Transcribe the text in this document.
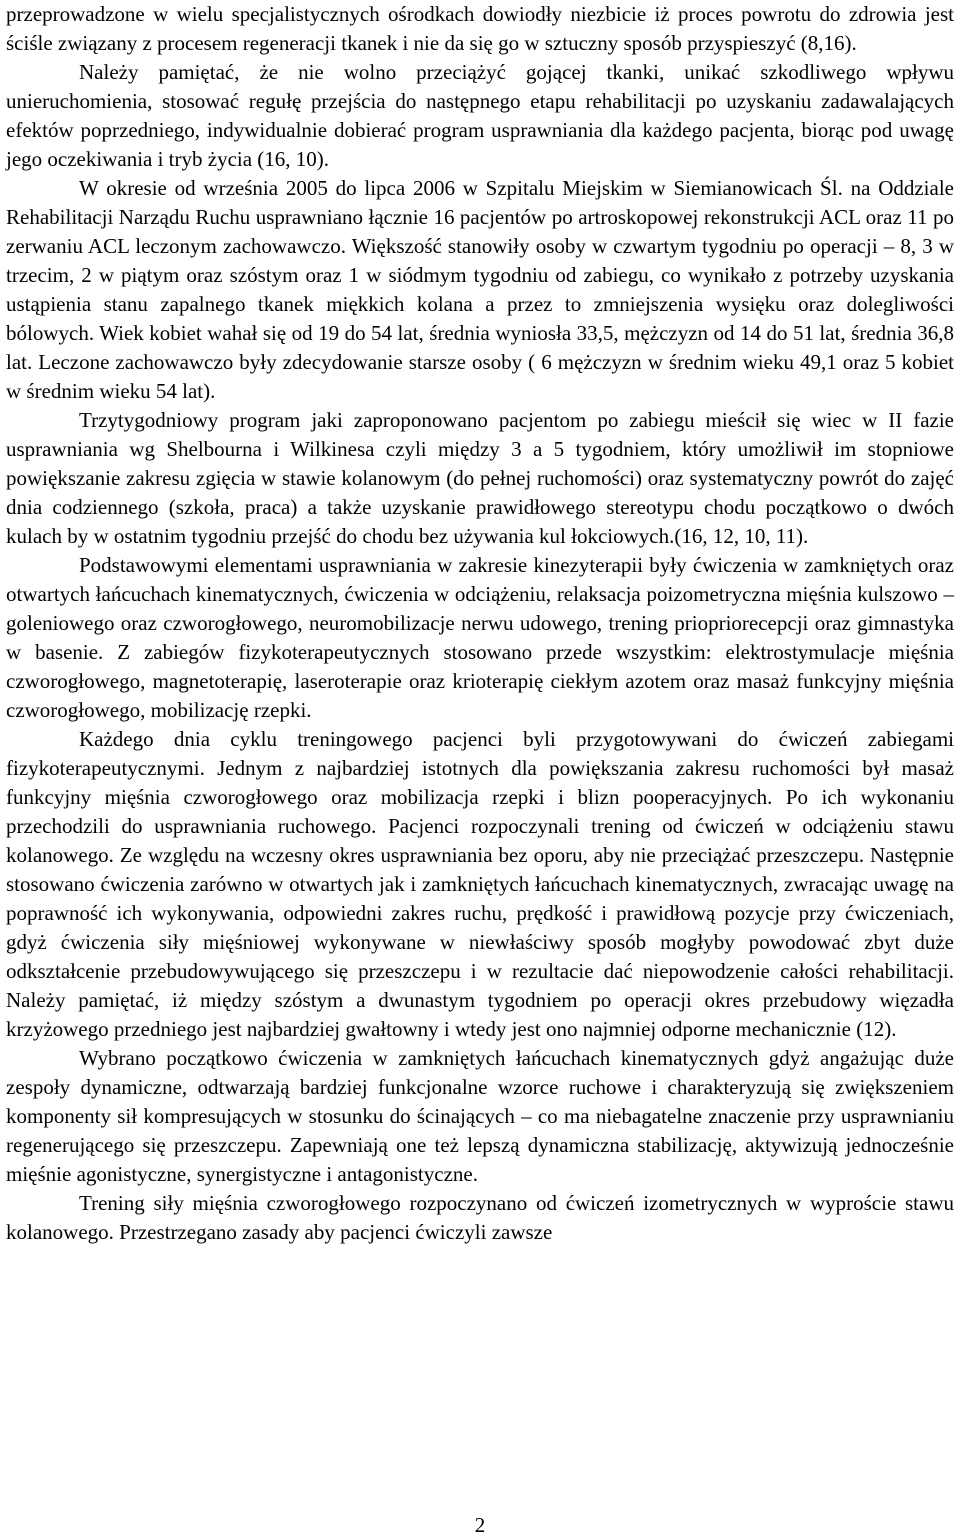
przeprowadzone w wielu specjalistycznych ośrodkach dowiodły niezbicie iż proces powrotu do zdrowia jest ściśle związany z procesem regeneracji tkanek i nie da się go w sztuczny sposób przyspieszyć (8,16).

Należy pamiętać, że nie wolno przeciążyć gojącej tkanki, unikać szkodliwego wpływu unieruchomienia, stosować regułę przejścia do następnego etapu rehabilitacji po uzyskaniu zadawalających efektów poprzedniego, indywidualnie dobierać program usprawniania dla każdego pacjenta, biorąc pod uwagę jego oczekiwania i tryb życia (16, 10).

W okresie od września 2005 do lipca 2006 w Szpitalu Miejskim w Siemianowicach Śl. na Oddziale Rehabilitacji Narządu Ruchu usprawniano łącznie 16 pacjentów po artroskopowej rekonstrukcji ACL oraz 11 po zerwaniu ACL leczonym zachowawczo. Większość stanowiły osoby w czwartym tygodniu po operacji – 8, 3 w trzecim, 2 w piątym oraz szóstym oraz 1 w siódmym tygodniu od zabiegu, co wynikało z potrzeby uzyskania ustąpienia stanu zapalnego tkanek miękkich kolana a przez to zmniejszenia wysięku oraz dolegliwości bólowych. Wiek kobiet wahał się od 19 do 54 lat, średnia wyniosła 33,5, mężczyzn od 14 do 51 lat, średnia 36,8 lat. Leczone zachowawczo były zdecydowanie starsze osoby ( 6 mężczyzn w średnim wieku 49,1 oraz 5 kobiet w średnim wieku 54 lat).

Trzytygodniowy program jaki zaproponowano pacjentom po zabiegu mieścił się wiec w II fazie usprawniania wg Shelbourna i Wilkinesa czyli między 3 a 5 tygodniem, który umożliwił im stopniowe powiększanie zakresu zgięcia w stawie kolanowym (do pełnej ruchomości) oraz systematyczny powrót do zajęć dnia codziennego (szkoła, praca) a także uzyskanie prawidłowego stereotypu chodu początkowo o dwóch kulach by w ostatnim tygodniu przejść do chodu bez używania kul łokciowych.(16, 12, 10, 11).

Podstawowymi elementami usprawniania w zakresie kinezyterapii były ćwiczenia w zamkniętych oraz otwartych łańcuchach kinematycznych, ćwiczenia w odciążeniu, relaksacja poizometryczna mięśnia kulszowo – goleniowego oraz czworogłowego, neuromobilizacje nerwu udowego, trening priopriorecepcji oraz gimnastyka w basenie. Z zabiegów fizykoterapeutycznych stosowano przede wszystkim: elektrostymulacje mięśnia czworogłowego, magnetoterapię, laseroterapie oraz krioterapię ciekłym azotem oraz masaż funkcyjny mięśnia czworogłowego, mobilizację rzepki.

Każdego dnia cyklu treningowego pacjenci byli przygotowywani do ćwiczeń zabiegami fizykoterapeutycznymi. Jednym z najbardziej istotnych dla powiększania zakresu ruchomości był masaż funkcyjny mięśnia czworogłowego oraz mobilizacja rzepki i blizn pooperacyjnych. Po ich wykonaniu przechodzili do usprawniania ruchowego. Pacjenci rozpoczynali trening od ćwiczeń w odciążeniu stawu kolanowego. Ze względu na wczesny okres usprawniania bez oporu, aby nie przeciążać przeszczepu. Następnie stosowano ćwiczenia zarówno w otwartych jak i zamkniętych łańcuchach kinematycznych, zwracając uwagę na poprawność ich wykonywania, odpowiedni zakres ruchu, prędkość i prawidłową pozycje przy ćwiczeniach, gdyż ćwiczenia siły mięśniowej wykonywane w niewłaściwy sposób mogłyby powodować zbyt duże odkształcenie przebudowywującego się przeszczepu i w rezultacie dać niepowodzenie całości rehabilitacji. Należy pamiętać, iż między szóstym a dwunastym tygodniem po operacji okres przebudowy więzadła krzyżowego przedniego jest najbardziej gwałtowny i wtedy jest ono najmniej odporne mechanicznie (12).

Wybrano początkowo ćwiczenia w zamkniętych łańcuchach kinematycznych gdyż angażując duże zespoły dynamiczne, odtwarzają bardziej funkcjonalne wzorce ruchowe i charakteryzują się zwiększeniem komponenty sił kompresujących w stosunku do ścinających – co ma niebagatelne znaczenie przy usprawnianiu regenerującego się przeszczepu. Zapewniają one też lepszą dynamiczna stabilizację, aktywizują jednocześnie mięśnie agonistyczne, synergistyczne i antagonistyczne.

Trening siły mięśnia czworogłowego rozpoczynano od ćwiczeń izometrycznych w wyproście stawu kolanowego. Przestrzegano zasady aby pacjenci ćwiczyli zawsze

2
